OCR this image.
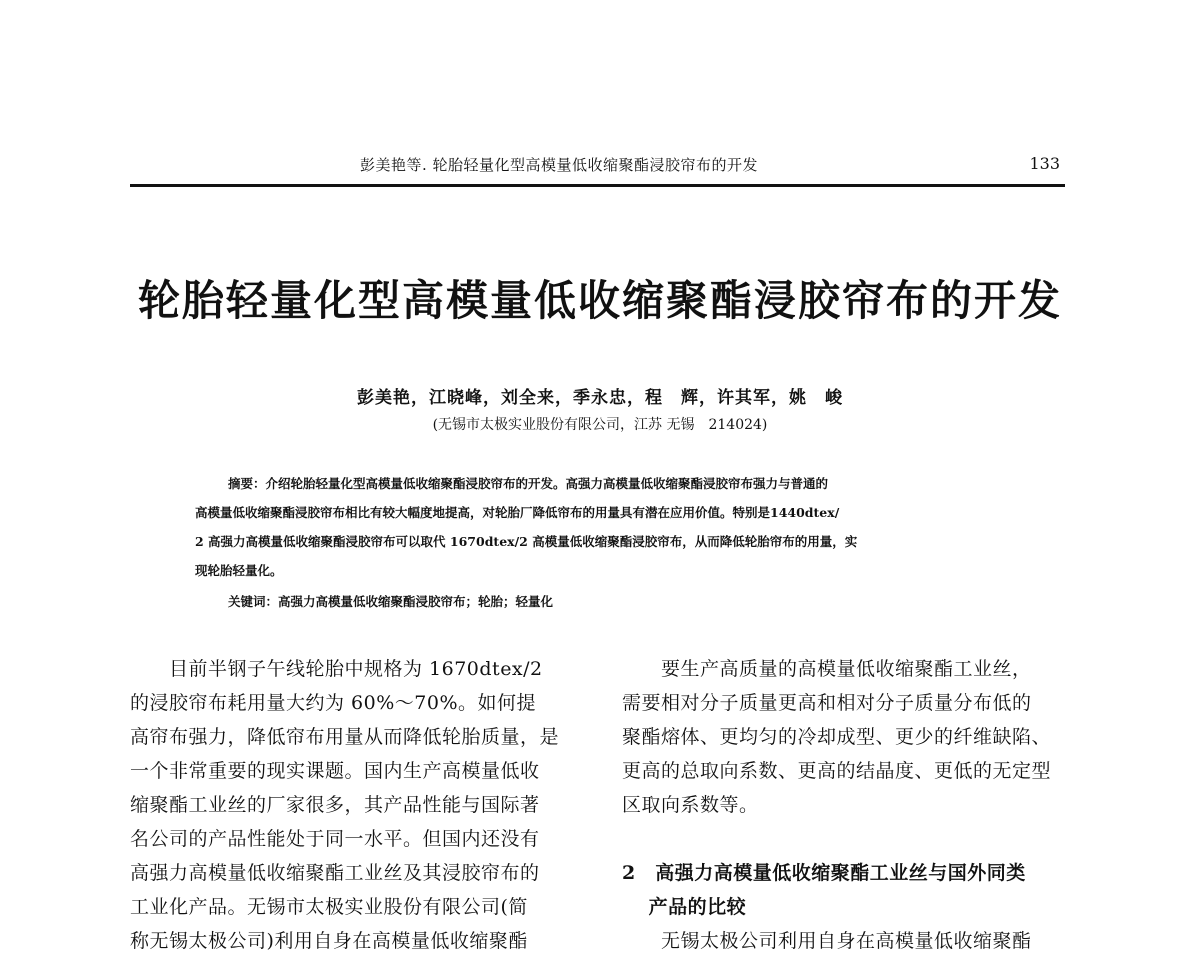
彭美艳等. 轮胎轻量化型高模量低收缩聚酯浸胶帘布的开发	133
轮胎轻量化型高模量低收缩聚酯浸胶帘布的开发
彭美艳，江晓峰，刘全来，季永忠，程　辉，许其军，姚　峻
(无锡市太极实业股份有限公司，江苏 无锡　214024)
摘要：介绍轮胎轻量化型高模量低收缩聚酯浸胶帘布的开发。高强力高模量低收缩聚酯浸胶帘布强力与普通的
高模量低收缩聚酯浸胶帘布相比有较大幅度地提高，对轮胎厂降低帘布的用量具有潜在应用价值。特别是1440dtex/
2 高强力高模量低收缩聚酯浸胶帘布可以取代 1670dtex/2 高模量低收缩聚酯浸胶帘布，从而降低轮胎帘布的用量，实
现轮胎轻量化。
关键词：高强力高模量低收缩聚酯浸胶帘布；轮胎；轻量化
　　目前半钢子午线轮胎中规格为 1670dtex/2
的浸胶帘布耗用量大约为 60%～70%。如何提
高帘布强力，降低帘布用量从而降低轮胎质量，是
一个非常重要的现实课题。国内生产高模量低收
缩聚酯工业丝的厂家很多，其产品性能与国际著
名公司的产品性能处于同一水平。但国内还没有
高强力高模量低收缩聚酯工业丝及其浸胶帘布的
工业化产品。无锡市太极实业股份有限公司(简
称无锡太极公司)利用自身在高模量低收缩聚酯
　　要生产高质量的高模量低收缩聚酯工业丝，
需要相对分子质量更高和相对分子质量分布低的
聚酯熔体、更均匀的冷却成型、更少的纤维缺陷、
更高的总取向系数、更高的结晶度、更低的无定型
区取向系数等。
2　高强力高模量低收缩聚酯工业丝与国外同类
　 产品的比较
　　无锡太极公司利用自身在高模量低收缩聚酯
